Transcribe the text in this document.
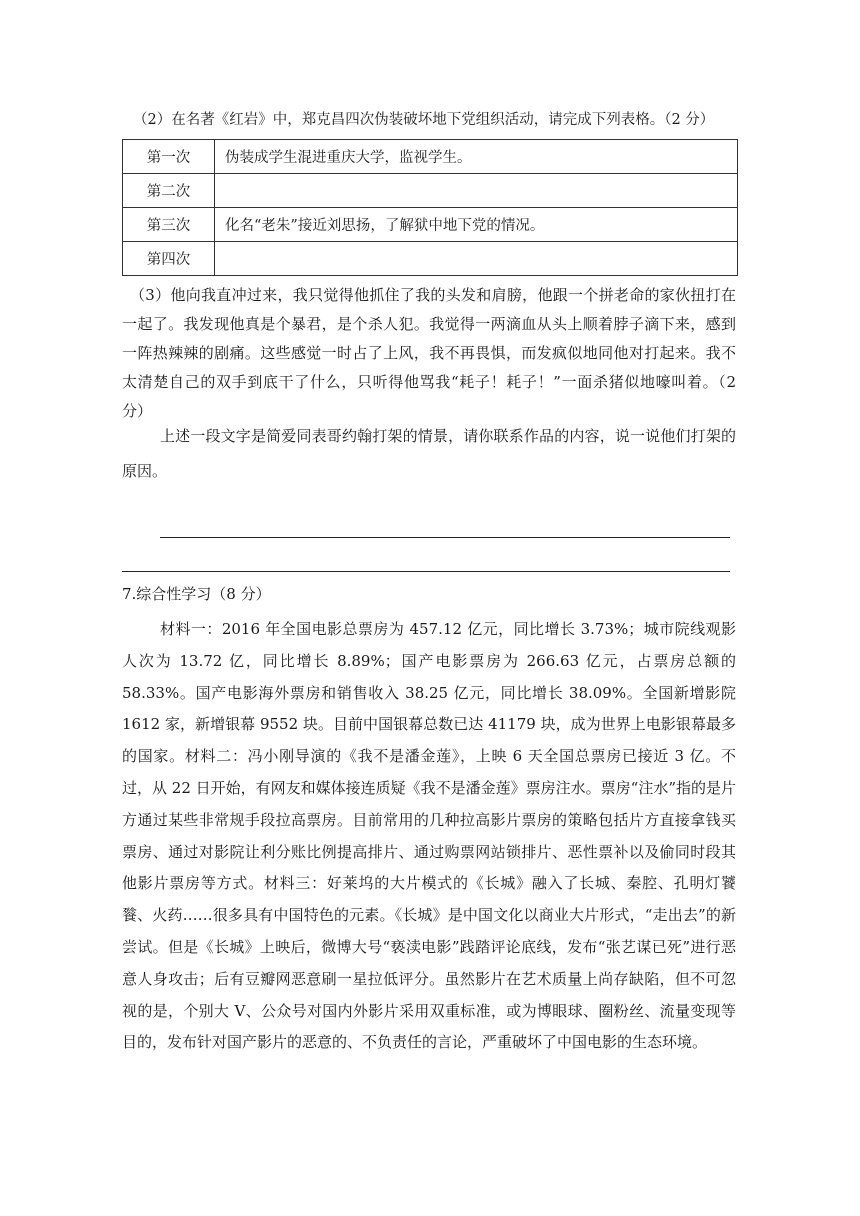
（2）在名著《红岩》中，郑克昌四次伪装破坏地下党组织活动，请完成下列表格。（2 分）
第一次	伪装成学生混进重庆大学，监视学生。
第二次	
第三次	化名“老朱”接近刘思扬，了解狱中地下党的情况。
第四次	
（3）他向我直冲过来，我只觉得他抓住了我的头发和肩膀，他跟一个拼老命的家伙扭打在一起了。我发现他真是个暴君，是个杀人犯。我觉得一两滴血从头上顺着脖子滴下来，感到一阵热辣辣的剧痛。这些感觉一时占了上风，我不再畏惧，而发疯似地同他对打起来。我不太清楚自己的双手到底干了什么，只听得他骂我“耗子！耗子！”一面杀猪似地嚎叫着。（2 分）
上述一段文字是简爱同表哥约翰打架的情景，请你联系作品的内容，说一说他们打架的原因。
7.综合性学习（8 分）
材料一：2016 年全国电影总票房为 457.12 亿元，同比增长 3.73%；城市院线观影人次为 13.72 亿，同比增长 8.89%；国产电影票房为 266.63 亿元，占票房总额的 58.33%。国产电影海外票房和销售收入 38.25 亿元，同比增长 38.09%。全国新增影院 1612 家，新增银幕 9552 块。目前中国银幕总数已达 41179 块，成为世界上电影银幕最多的国家。材料二：冯小刚导演的《我不是潘金莲》，上映 6 天全国总票房已接近 3 亿。不过，从 22 日开始，有网友和媒体接连质疑《我不是潘金莲》票房注水。票房“注水”指的是片方通过某些非常规手段拉高票房。目前常用的几种拉高影片票房的策略包括片方直接拿钱买票房、通过对影院让利分账比例提高排片、通过购票网站锁排片、恶性票补以及偷同时段其他影片票房等方式。材料三：好莱坞的大片模式的《长城》融入了长城、秦腔、孔明灯饕餮、火药……很多具有中国特色的元素。《长城》是中国文化以商业大片形式，“走出去”的新尝试。但是《长城》上映后，微博大号“亵渎电影”践踏评论底线，发布“张艺谋已死”进行恶意人身攻击；后有豆瓣网恶意刷一星拉低评分。虽然影片在艺术质量上尚存缺陷，但不可忽视的是，个别大 V、公众号对国内外影片采用双重标准，或为博眼球、圈粉丝、流量变现等目的，发布针对国产影片的恶意的、不负责任的言论，严重破坏了中国电影的生态环境。
